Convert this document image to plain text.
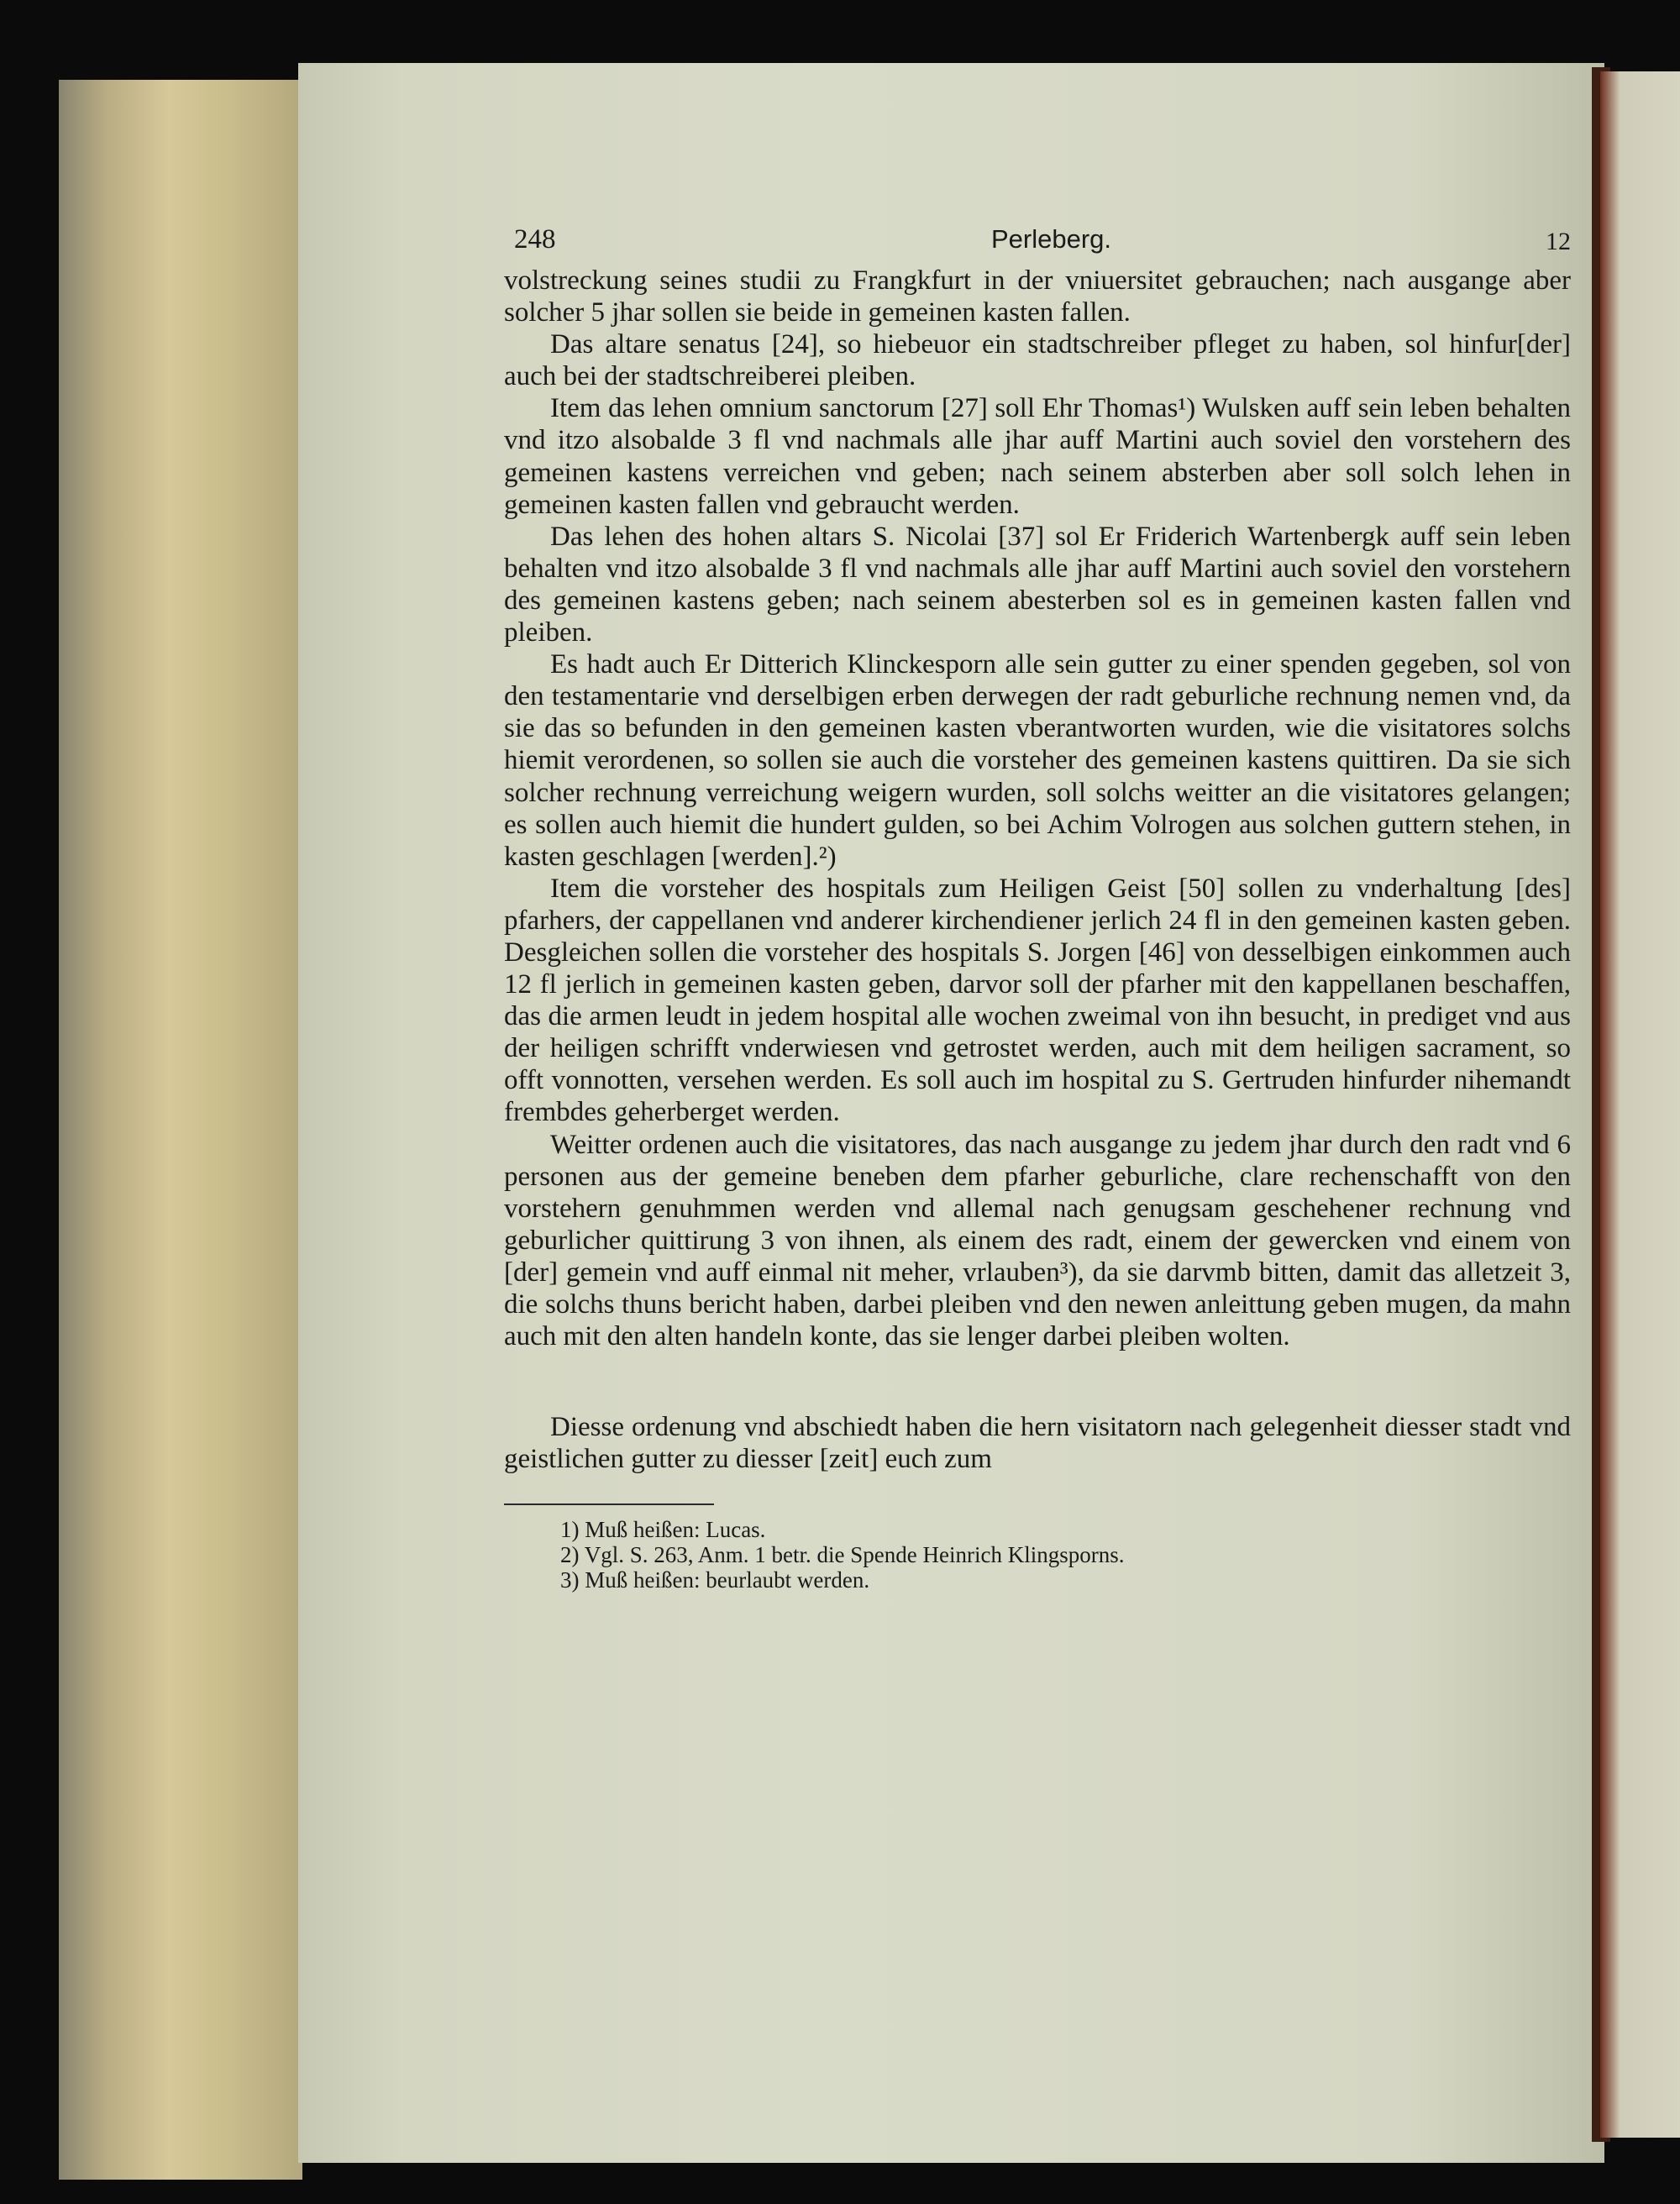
248	Perleberg.	12

volstreckung seines studii zu Frangkfurt in der vniuersitet gebrauchen; nach ausgange aber solcher 5 jhar sollen sie beide in gemeinen kasten fallen.

Das altare senatus [24], so hiebeuor ein stadtschreiber pfleget zu haben, sol hinfur[der] auch bei der stadtschreiberei pleiben.

Item das lehen omnium sanctorum [27] soll Ehr Thomas¹) Wulsken auff sein leben behalten vnd itzo alsobalde 3 fl vnd nachmals alle jhar auff Martini auch soviel den vorstehern des gemeinen kastens verreichen vnd geben; nach seinem absterben aber soll solch lehen in gemeinen kasten fallen vnd gebraucht werden.

Das lehen des hohen altars S. Nicolai [37] sol Er Friderich Wartenbergk auff sein leben behalten vnd itzo alsobalde 3 fl vnd nachmals alle jhar auff Martini auch soviel den vorstehern des gemeinen kastens geben; nach seinem abesterben sol es in gemeinen kasten fallen vnd pleiben.

Es hadt auch Er Ditterich Klinckesporn alle sein gutter zu einer spenden gegeben, sol von den testamentarie vnd derselbigen erben derwegen der radt geburliche rechnung nemen vnd, da sie das so befunden in den gemeinen kasten vberantworten wurden, wie die visitatores solchs hiemit verordenen, so sollen sie auch die vorsteher des gemeinen kastens quittiren. Da sie sich solcher rechnung verreichung weigern wurden, soll solchs weitter an die visitatores gelangen; es sollen auch hiemit die hundert gulden, so bei Achim Volrogen aus solchen guttern stehen, in kasten geschlagen [werden].²)

Item die vorsteher des hospitals zum Heiligen Geist [50] sollen zu vnderhaltung [des] pfarhers, der cappellanen vnd anderer kirchendiener jerlich 24 fl in den gemeinen kasten geben. Desgleichen sollen die vorsteher des hospitals S. Jorgen [46] von desselbigen einkommen auch 12 fl jerlich in gemeinen kasten geben, darvor soll der pfarher mit den kappellanen beschaffen, das die armen leudt in jedem hospital alle wochen zweimal von ihn besucht, in prediget vnd aus der heiligen schrifft vnderwiesen vnd getrostet werden, auch mit dem heiligen sacrament, so offt vonnotten, versehen werden. Es soll auch im hospital zu S. Gertruden hinfurder nihemandt frembdes geherberget werden.

Weitter ordenen auch die visitatores, das nach ausgange zu jedem jhar durch den radt vnd 6 personen aus der gemeine beneben dem pfarher geburliche, clare rechenschafft von den vorstehern genuhmmen werden vnd allemal nach genugsam geschehener rechnung vnd geburlicher quittirung 3 von ihnen, als einem des radt, einem der gewercken vnd einem von [der] gemein vnd auff einmal nit meher, vrlauben³), da sie darvmb bitten, damit das alletzeit 3, die solchs thuns bericht haben, darbei pleiben vnd den newen anleittung geben mugen, da mahn auch mit den alten handeln konte, das sie lenger darbei pleiben wolten.

Diesse ordenung vnd abschiedt haben die hern visitatorn nach gelegenheit diesser stadt vnd geistlichen gutter zu diesser [zeit] euch zum

1) Muß heißen: Lucas.

2) Vgl. S. 263, Anm. 1 betr. die Spende Heinrich Klingsporns.

3) Muß heißen: beurlaubt werden.
